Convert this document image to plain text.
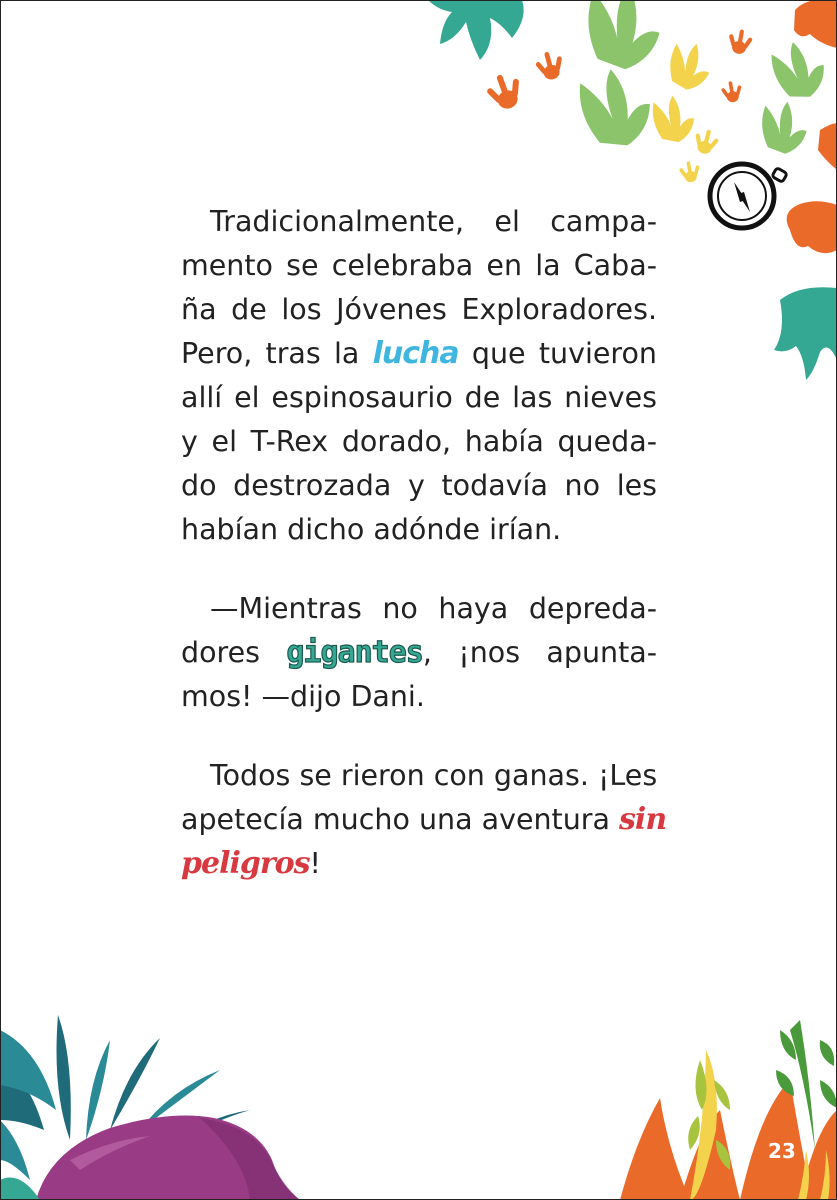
Tradicionalmente, el campa-
mento se celebraba en la Caba-
ña de los Jóvenes Exploradores.
Pero, tras la lucha que tuvieron
allí el espinosaurio de las nieves
y el T-Rex dorado, había queda-
do destrozada y todavía no les
habían dicho adónde irían.

—Mientras no haya depreda-
dores gigantes, ¡nos apunta-
mos! —dijo Dani.

Todos se rieron con ganas. ¡Les
apetecía mucho una aventura sin
peligros!

23
